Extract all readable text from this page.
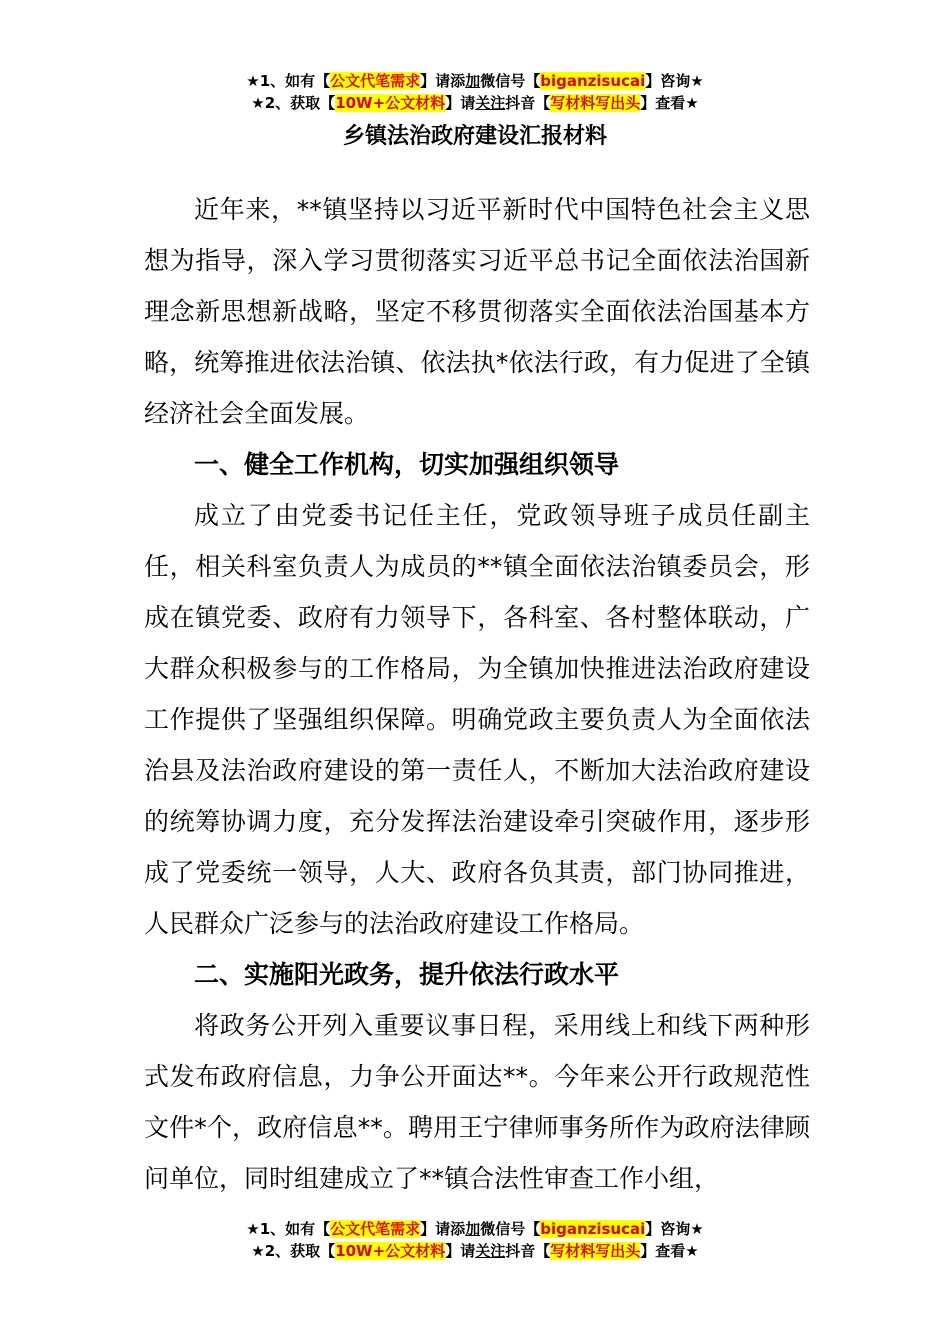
★1、如有【公文代笔需求】请添加微信号【biganzisucai】咨询★
★2、获取【10W+公文材料】请关注抖音【写材料写出头】查看★
乡镇法治政府建设汇报材料

近年来，**镇坚持以习近平新时代中国特色社会主义思想为指导，深入学习贯彻落实习近平总书记全面依法治国新理念新思想新战略，坚定不移贯彻落实全面依法治国基本方略，统筹推进依法治镇、依法执*依法行政，有力促进了全镇经济社会全面发展。

一、健全工作机构，切实加强组织领导

成立了由党委书记任主任，党政领导班子成员任副主任，相关科室负责人为成员的**镇全面依法治镇委员会，形成在镇党委、政府有力领导下，各科室、各村整体联动，广大群众积极参与的工作格局，为全镇加快推进法治政府建设工作提供了坚强组织保障。明确党政主要负责人为全面依法治县及法治政府建设的第一责任人，不断加大法治政府建设的统筹协调力度，充分发挥法治建设牵引突破作用，逐步形成了党委统一领导，人大、政府各负其责，部门协同推进，人民群众广泛参与的法治政府建设工作格局。

二、实施阳光政务，提升依法行政水平

将政务公开列入重要议事日程，采用线上和线下两种形式发布政府信息，力争公开面达**。今年来公开行政规范性文件*个，政府信息**。聘用王宁律师事务所作为政府法律顾问单位，同时组建成立了**镇合法性审查工作小组，

★1、如有【公文代笔需求】请添加微信号【biganzisucai】咨询★
★2、获取【10W+公文材料】请关注抖音【写材料写出头】查看★
